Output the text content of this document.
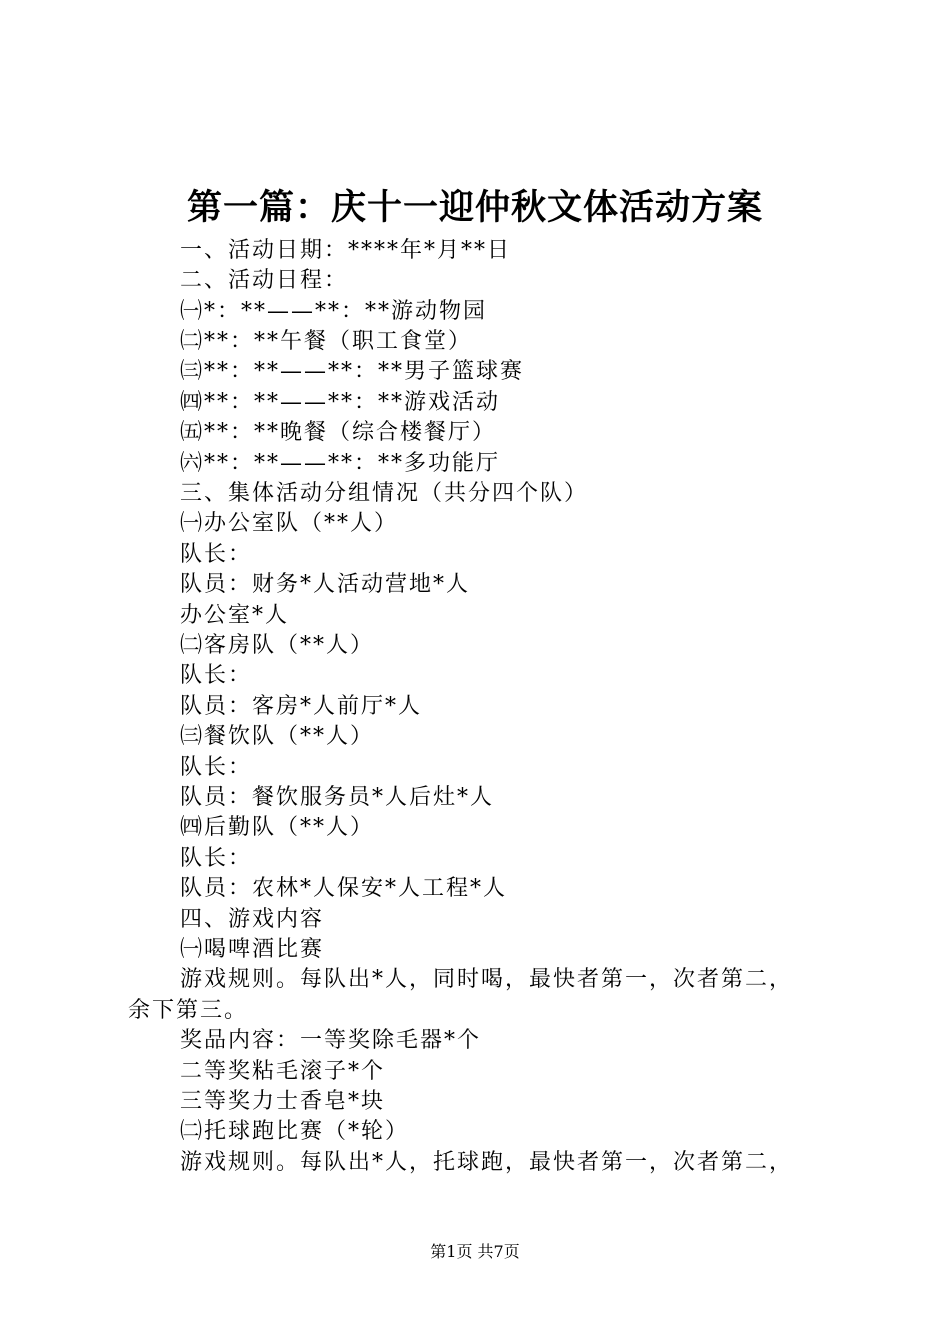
第一篇：庆十一迎仲秋文体活动方案
一、活动日期：****年*月**日
二、活动日程：
㈠*：**——**：**游动物园
㈡**：**午餐（职工食堂）
㈢**：**——**：**男子篮球赛
㈣**：**——**：**游戏活动
㈤**：**晚餐（综合楼餐厅）
㈥**：**——**：**多功能厅
三、集体活动分组情况（共分四个队）
㈠办公室队（**人）
队长：
队员：财务*人活动营地*人
办公室*人
㈡客房队（**人）
队长：
队员：客房*人前厅*人
㈢餐饮队（**人）
队长：
队员：餐饮服务员*人后灶*人
㈣后勤队（**人）
队长：
队员：农林*人保安*人工程*人
四、游戏内容
㈠喝啤酒比赛
游戏规则。每队出*人，同时喝，最快者第一，次者第二，
余下第三。
奖品内容：一等奖除毛器*个
二等奖粘毛滚子*个
三等奖力士香皂*块
㈡托球跑比赛（*轮）
游戏规则。每队出*人，托球跑，最快者第一，次者第二，
第1页 共7页
